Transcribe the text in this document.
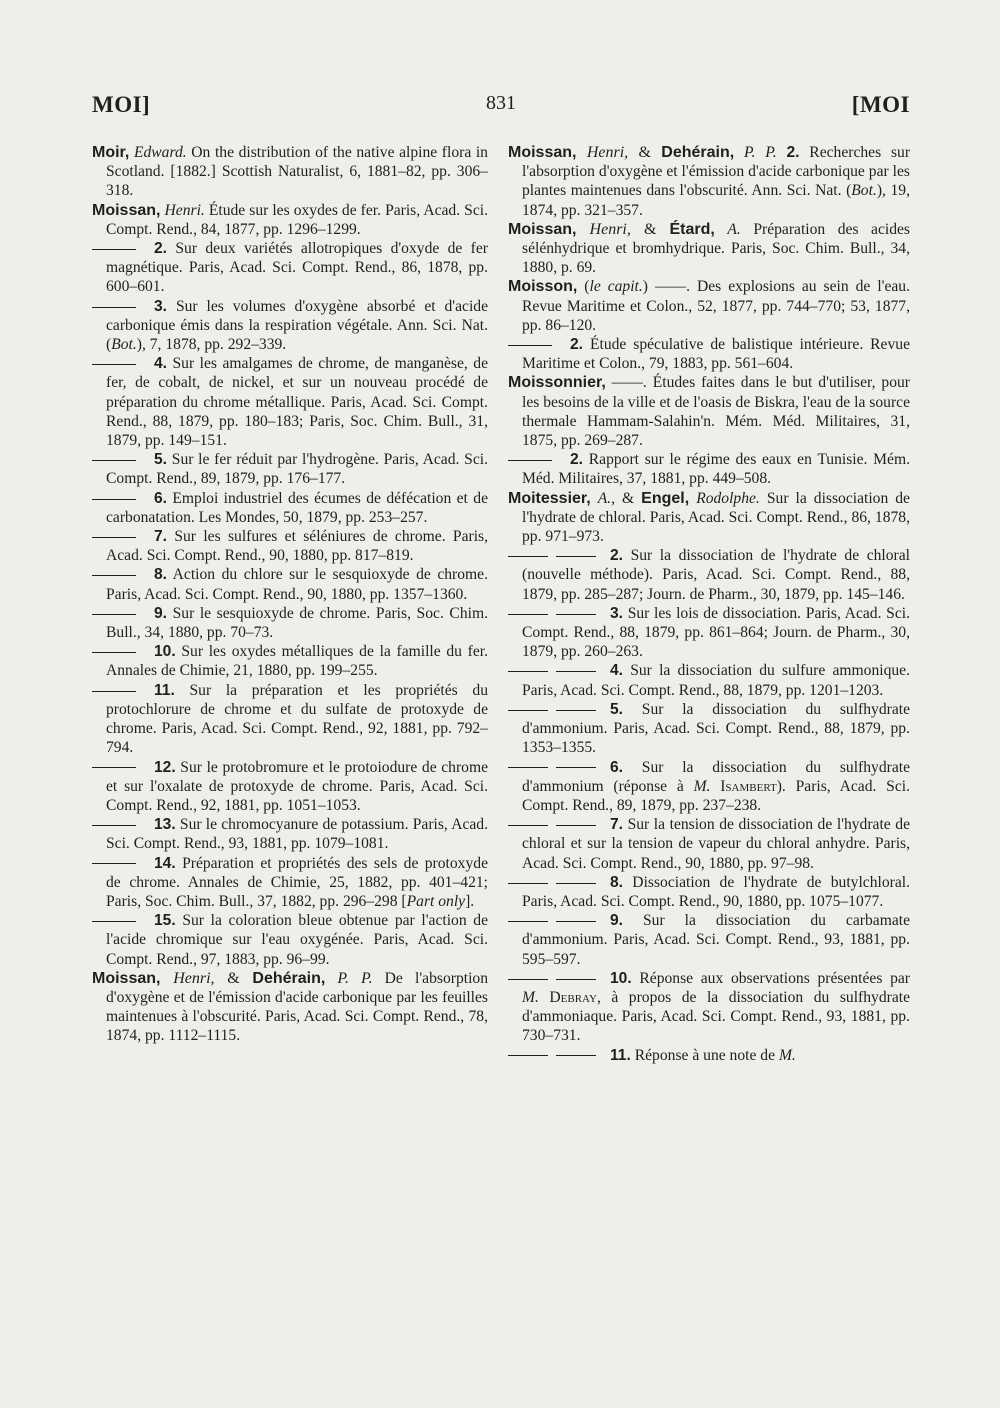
MOI]	831	[MOI

Moir, Edward. On the distribution of the native alpine flora in Scotland. [1882.] Scottish Naturalist, 6, 1881–82, pp. 306–318.

Moissan, Henri. Étude sur les oxydes de fer. Paris, Acad. Sci. Compt. Rend., 84, 1877, pp. 1296–1299.

2. Sur deux variétés allotropiques d'oxyde de fer magnétique. Paris, Acad. Sci. Compt. Rend., 86, 1878, pp. 600–601.

3. Sur les volumes d'oxygène absorbé et d'acide carbonique émis dans la respiration végétale. Ann. Sci. Nat. (Bot.), 7, 1878, pp. 292–339.

4. Sur les amalgames de chrome, de manganèse, de fer, de cobalt, de nickel, et sur un nouveau procédé de préparation du chrome métallique. Paris, Acad. Sci. Compt. Rend., 88, 1879, pp. 180–183; Paris, Soc. Chim. Bull., 31, 1879, pp. 149–151.

5. Sur le fer réduit par l'hydrogène. Paris, Acad. Sci. Compt. Rend., 89, 1879, pp. 176–177.

6. Emploi industriel des écumes de défécation et de carbonatation. Les Mondes, 50, 1879, pp. 253–257.

7. Sur les sulfures et séléniures de chrome. Paris, Acad. Sci. Compt. Rend., 90, 1880, pp. 817–819.

8. Action du chlore sur le sesquioxyde de chrome. Paris, Acad. Sci. Compt. Rend., 90, 1880, pp. 1357–1360.

9. Sur le sesquioxyde de chrome. Paris, Soc. Chim. Bull., 34, 1880, pp. 70–73.

10. Sur les oxydes métalliques de la famille du fer. Annales de Chimie, 21, 1880, pp. 199–255.

11. Sur la préparation et les propriétés du protochlorure de chrome et du sulfate de protoxyde de chrome. Paris, Acad. Sci. Compt. Rend., 92, 1881, pp. 792–794.

12. Sur le protobromure et le protoiodure de chrome et sur l'oxalate de protoxyde de chrome. Paris, Acad. Sci. Compt. Rend., 92, 1881, pp. 1051–1053.

13. Sur le chromocyanure de potassium. Paris, Acad. Sci. Compt. Rend., 93, 1881, pp. 1079–1081.

14. Préparation et propriétés des sels de protoxyde de chrome. Annales de Chimie, 25, 1882, pp. 401–421; Paris, Soc. Chim. Bull., 37, 1882, pp. 296–298 [Part only].

15. Sur la coloration bleue obtenue par l'action de l'acide chromique sur l'eau oxygénée. Paris, Acad. Sci. Compt. Rend., 97, 1883, pp. 96–99.

Moissan, Henri, & Dehérain, P. P. De l'absorption d'oxygène et de l'émission d'acide carbonique par les feuilles maintenues à l'obscurité. Paris, Acad. Sci. Compt. Rend., 78, 1874, pp. 1112–1115.

Moissan, Henri, & Dehérain, P. P. 2. Recherches sur l'absorption d'oxygène et l'émission d'acide carbonique par les plantes maintenues dans l'obscurité. Ann. Sci. Nat. (Bot.), 19, 1874, pp. 321–357.

Moissan, Henri, & Étard, A. Préparation des acides sélénhydrique et bromhydrique. Paris, Soc. Chim. Bull., 34, 1880, p. 69.

Moisson, (le capit.) ——. Des explosions au sein de l'eau. Revue Maritime et Colon., 52, 1877, pp. 744–770; 53, 1877, pp. 86–120.

2. Étude spéculative de balistique intérieure. Revue Maritime et Colon., 79, 1883, pp. 561–604.

Moissonnier, ——. Études faites dans le but d'utiliser, pour les besoins de la ville et de l'oasis de Biskra, l'eau de la source thermale Hammam-Salahin'n. Mém. Méd. Militaires, 31, 1875, pp. 269–287.

2. Rapport sur le régime des eaux en Tunisie. Mém. Méd. Militaires, 37, 1881, pp. 449–508.

Moitessier, A., & Engel, Rodolphe. Sur la dissociation de l'hydrate de chloral. Paris, Acad. Sci. Compt. Rend., 86, 1878, pp. 971–973.

2. Sur la dissociation de l'hydrate de chloral (nouvelle méthode). Paris, Acad. Sci. Compt. Rend., 88, 1879, pp. 285–287; Journ. de Pharm., 30, 1879, pp. 145–146.

3. Sur les lois de dissociation. Paris, Acad. Sci. Compt. Rend., 88, 1879, pp. 861–864; Journ. de Pharm., 30, 1879, pp. 260–263.

4. Sur la dissociation du sulfure ammonique. Paris, Acad. Sci. Compt. Rend., 88, 1879, pp. 1201–1203.

5. Sur la dissociation du sulfhydrate d'ammonium. Paris, Acad. Sci. Compt. Rend., 88, 1879, pp. 1353–1355.

6. Sur la dissociation du sulfhydrate d'ammonium (réponse à M. Isambert). Paris, Acad. Sci. Compt. Rend., 89, 1879, pp. 237–238.

7. Sur la tension de dissociation de l'hydrate de chloral et sur la tension de vapeur du chloral anhydre. Paris, Acad. Sci. Compt. Rend., 90, 1880, pp. 97–98.

8. Dissociation de l'hydrate de butylchloral. Paris, Acad. Sci. Compt. Rend., 90, 1880, pp. 1075–1077.

9. Sur la dissociation du carbamate d'ammonium. Paris, Acad. Sci. Compt. Rend., 93, 1881, pp. 595–597.

10. Réponse aux observations présentées par M. Debray, à propos de la dissociation du sulfhydrate d'ammoniaque. Paris, Acad. Sci. Compt. Rend., 93, 1881, pp. 730–731.

11. Réponse à une note de M.
